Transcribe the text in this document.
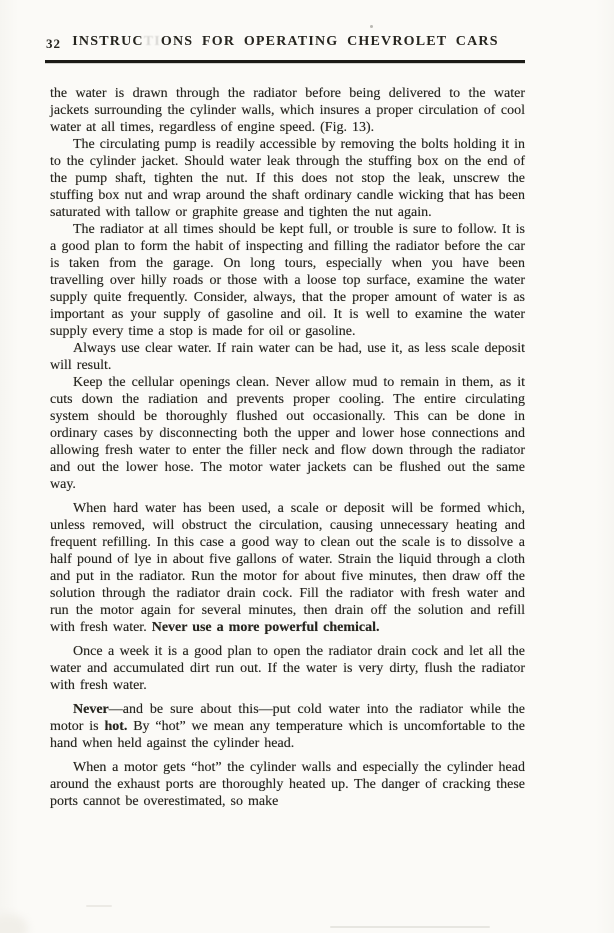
32 INSTRUCTIONS FOR OPERATING CHEVROLET CARS

the water is drawn through the radiator before being delivered to the water jackets surrounding the cylinder walls, which insures a proper circulation of cool water at all times, regardless of engine speed. (Fig. 13).

The circulating pump is readily accessible by removing the bolts holding it in to the cylinder jacket. Should water leak through the stuffing box on the end of the pump shaft, tighten the nut. If this does not stop the leak, unscrew the stuffing box nut and wrap around the shaft ordinary candle wicking that has been saturated with tallow or graphite grease and tighten the nut again.

The radiator at all times should be kept full, or trouble is sure to follow. It is a good plan to form the habit of inspecting and filling the radiator before the car is taken from the garage. On long tours, especially when you have been travelling over hilly roads or those with a loose top surface, examine the water supply quite frequently. Consider, always, that the proper amount of water is as important as your supply of gasoline and oil. It is well to examine the water supply every time a stop is made for oil or gasoline.

Always use clear water. If rain water can be had, use it, as less scale deposit will result.

Keep the cellular openings clean. Never allow mud to remain in them, as it cuts down the radiation and prevents proper cooling. The entire circulating system should be thoroughly flushed out occasionally. This can be done in ordinary cases by disconnecting both the upper and lower hose connections and allowing fresh water to enter the filler neck and flow down through the radiator and out the lower hose. The motor water jackets can be flushed out the same way.

When hard water has been used, a scale or deposit will be formed which, unless removed, will obstruct the circulation, causing unnecessary heating and frequent refilling. In this case a good way to clean out the scale is to dissolve a half pound of lye in about five gallons of water. Strain the liquid through a cloth and put in the radiator. Run the motor for about five minutes, then draw off the solution through the radiator drain cock. Fill the radiator with fresh water and run the motor again for several minutes, then drain off the solution and refill with fresh water. Never use a more powerful chemical.

Once a week it is a good plan to open the radiator drain cock and let all the water and accumulated dirt run out. If the water is very dirty, flush the radiator with fresh water.

Never—and be sure about this—put cold water into the radiator while the motor is hot. By “hot” we mean any temperature which is uncomfortable to the hand when held against the cylinder head.

When a motor gets “hot” the cylinder walls and especially the cylinder head around the exhaust ports are thoroughly heated up. The danger of cracking these ports cannot be overestimated, so make
